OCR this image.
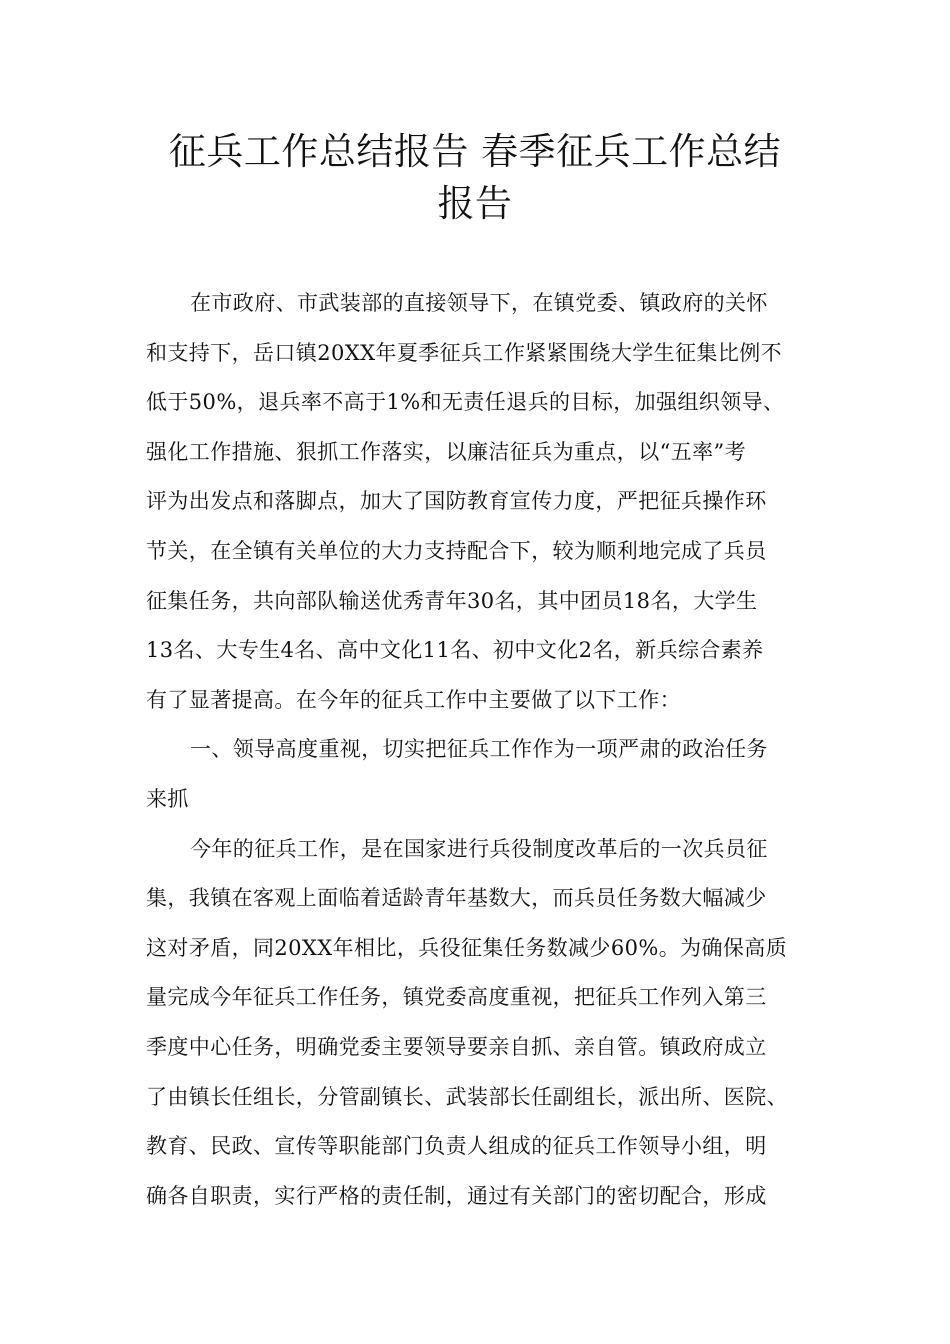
征兵工作总结报告 春季征兵工作总结
报告

在市政府、市武装部的直接领导下，在镇党委、镇政府的关怀
和支持下，岳口镇20XX年夏季征兵工作紧紧围绕大学生征集比例不
低于50%，退兵率不高于1%和无责任退兵的目标，加强组织领导、
强化工作措施、狠抓工作落实，以廉洁征兵为重点，以“五率”考
评为出发点和落脚点，加大了国防教育宣传力度，严把征兵操作环
节关，在全镇有关单位的大力支持配合下，较为顺利地完成了兵员
征集任务，共向部队输送优秀青年30名，其中团员18名，大学生
13名、大专生4名、高中文化11名、初中文化2名，新兵综合素养
有了显著提高。在今年的征兵工作中主要做了以下工作：

一、领导高度重视，切实把征兵工作作为一项严肃的政治任务
来抓

今年的征兵工作，是在国家进行兵役制度改革后的一次兵员征
集，我镇在客观上面临着适龄青年基数大，而兵员任务数大幅减少
这对矛盾，同20XX年相比，兵役征集任务数减少60%。为确保高质
量完成今年征兵工作任务，镇党委高度重视，把征兵工作列入第三
季度中心任务，明确党委主要领导要亲自抓、亲自管。镇政府成立
了由镇长任组长，分管副镇长、武装部长任副组长，派出所、医院、
教育、民政、宣传等职能部门负责人组成的征兵工作领导小组，明
确各自职责，实行严格的责任制，通过有关部门的密切配合，形成
